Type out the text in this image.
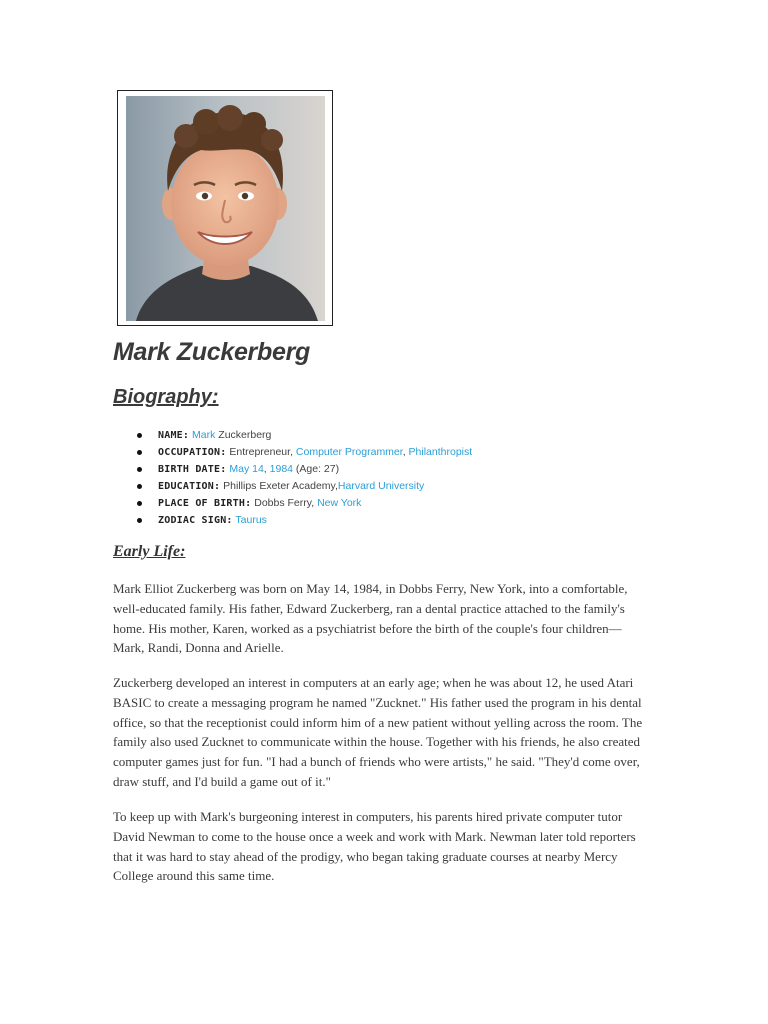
Mark Zuckerberg
Biography:
NAME: Mark Zuckerberg
OCCUPATION: Entrepreneur, Computer Programmer, Philanthropist
BIRTH DATE: May 14, 1984 (Age: 27)
EDUCATION: Phillips Exeter Academy,Harvard University
PLACE OF BIRTH: Dobbs Ferry, New York
ZODIAC SIGN: Taurus
Early Life:

Mark Elliot Zuckerberg was born on May 14, 1984, in Dobbs Ferry, New York, into a comfortable, well-educated family. His father, Edward Zuckerberg, ran a dental practice attached to the family's home. His mother, Karen, worked as a psychiatrist before the birth of the couple's four children—Mark, Randi, Donna and Arielle.

Zuckerberg developed an interest in computers at an early age; when he was about 12, he used Atari BASIC to create a messaging program he named "Zucknet." His father used the program in his dental office, so that the receptionist could inform him of a new patient without yelling across the room. The family also used Zucknet to communicate within the house. Together with his friends, he also created computer games just for fun. "I had a bunch of friends who were artists," he said. "They'd come over, draw stuff, and I'd build a game out of it."

To keep up with Mark's burgeoning interest in computers, his parents hired private computer tutor David Newman to come to the house once a week and work with Mark. Newman later told reporters that it was hard to stay ahead of the prodigy, who began taking graduate courses at nearby Mercy College around this same time.
